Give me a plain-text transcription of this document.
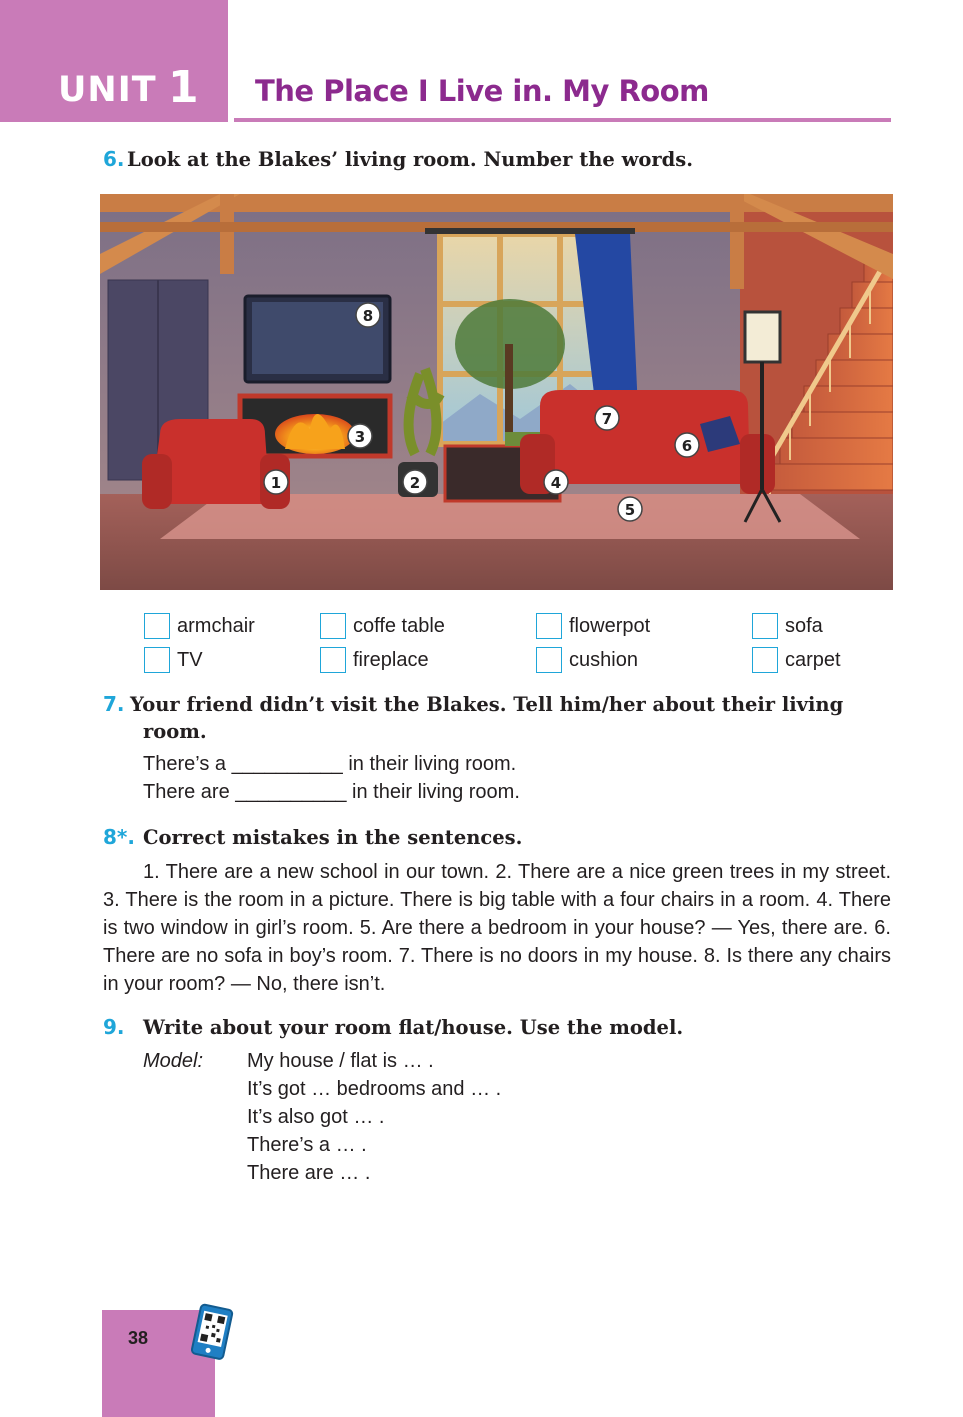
UNIT 1 The Place I Live in. My Room
6. Look at the Blakes’ living room. Number the words.
1	2
3
4
5
6
7
8
armchair	coffe table	flowerpot	sofa
TV	fireplace	cushion	carpet
7. Your friend didn’t visit the Blakes. Tell him/her about their living
room.
There’s a __________ in their living room.
There are __________ in their living room.
8*. Correct mistakes in the sentences.
1. There are a new school in our town. 2. There are a nice green trees in my street. 3. There is the room in a picture. There is big table with a four chairs in a room. 4. There is two window in girl’s room. 5. Are there a bedroom in your house? — Yes, there are. 6. There are no sofa in boy’s room. 7. There is no doors in my house. 8. Is there any chairs in your room? — No, there isn’t.
9. Write about your room flat/house. Use the model.
Model: My house / flat is … .
It’s got … bedrooms and … .
It’s also got … .
There’s a … .
There are … .
38
